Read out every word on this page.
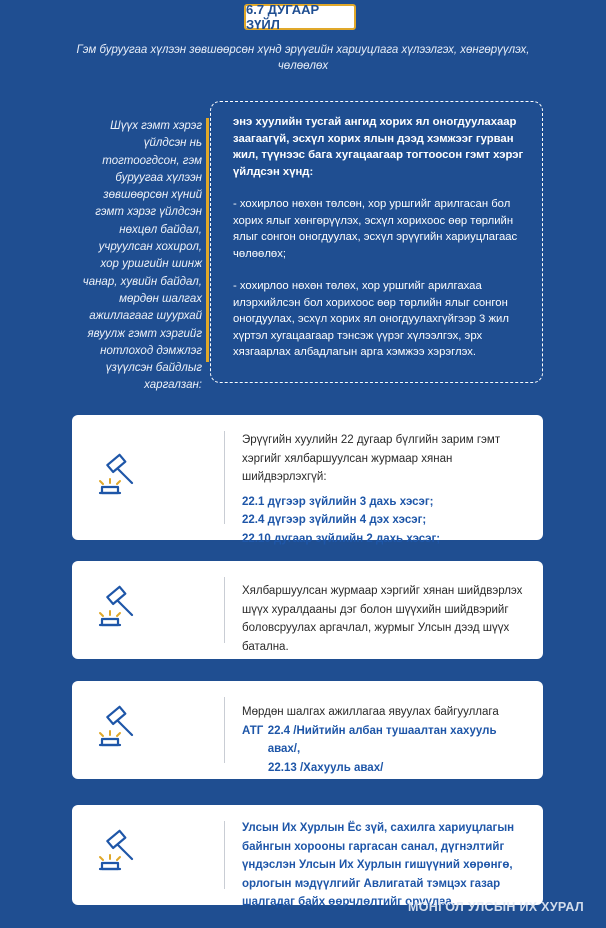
6.7 ДУГААР ЗҮЙЛ
Гэм буруугаа хүлээн зөвшөөрсөн хүнд эрүүгийн хариуцлага хүлээлгэх, хөнгөрүүлэх, чөлөөлөх
Шүүх гэмт хэрэг үйлдсэн нь тогтоогдсон, гэм буруугаа хүлээн зөвшөөрсөн хүний гэмт хэрэг үйлдсэн нөхцөл байдал, учруулсан хохирол, хор уршгийн шинж чанар, хувийн байдал, мөрдөн шалгах ажиллагааг шуурхай явуулж гэмт хэргийг нотлоход дэмжлэг үзүүлсэн байдлыг харгалзан:

энэ хуулийн тусгай ангид хорих ял оногдуулахаар заагаагүй, эсхүл хорих ялын дээд хэмжээг гурван жил, түүнээс бага хугацаагаар тогтоосон гэмт хэрэг үйлдсэн хүнд:

- хохирлоо нөхөн төлсөн, хор уршгийг арилгасан бол хорих ялыг хөнгөрүүлэх, эсхүл хорихоос өөр төрлийн ялыг сонгон оногдуулах, эсхүл эрүүгийн хариуцлагаас чөлөөлөх;

- хохирлоо нөхөн төлөх, хор уршгийг арилгахаа илэрхийлсэн бол хорихоос өөр төрлийн ялыг сонгон оногдуулах, эсхүл хорих ял оногдуулахгүйгээр 3 жил хүртэл хугацаагаар тэнсэж үүрэг хүлээлгэх, эрх хязгаарлах албадлагын арга хэмжээ хэрэглэх.

Эрүүгийн хуулийн 22 дугаар бүлгийн зарим гэмт хэргийг хялбаршуулсан журмаар хянан шийдвэрлэхгүй:
22.1 дүгээр зүйлийн 3 дахь хэсэг;
22.4 дүгээр зүйлийн 4 дэх хэсэг;
22.10 дугаар зүйлийн 2 дахь хэсэг;
Хялбаршуулсан журмаар хэргийг хянан шийдвэрлэх шүүх хуралдааны дэг болон шүүхийн шийдвэрийг боловсруулах аргачлал, журмыг Улсын дээд шүүх батална.
Мөрдөн шалгах ажиллагаа явуулах байгууллага
АТГ 22.4 /Нийтийн албан тушаалтан хахууль авах/,
22.13 /Хахууль авах/
Улсын Их Хурлын Ёс зүй, сахилга хариуцлагын байнгын хорооны гаргасан санал, дүгнэлтийг үндэслэн Улсын Их Хурлын гишүүний хөрөнгө, орлогын мэдүүлгийг Авлигатай тэмцэх газар шалгадаг байх өөрчлөлтийг оруулаа.
МОНГОЛ УЛСЫН ИХ ХУРАЛ
